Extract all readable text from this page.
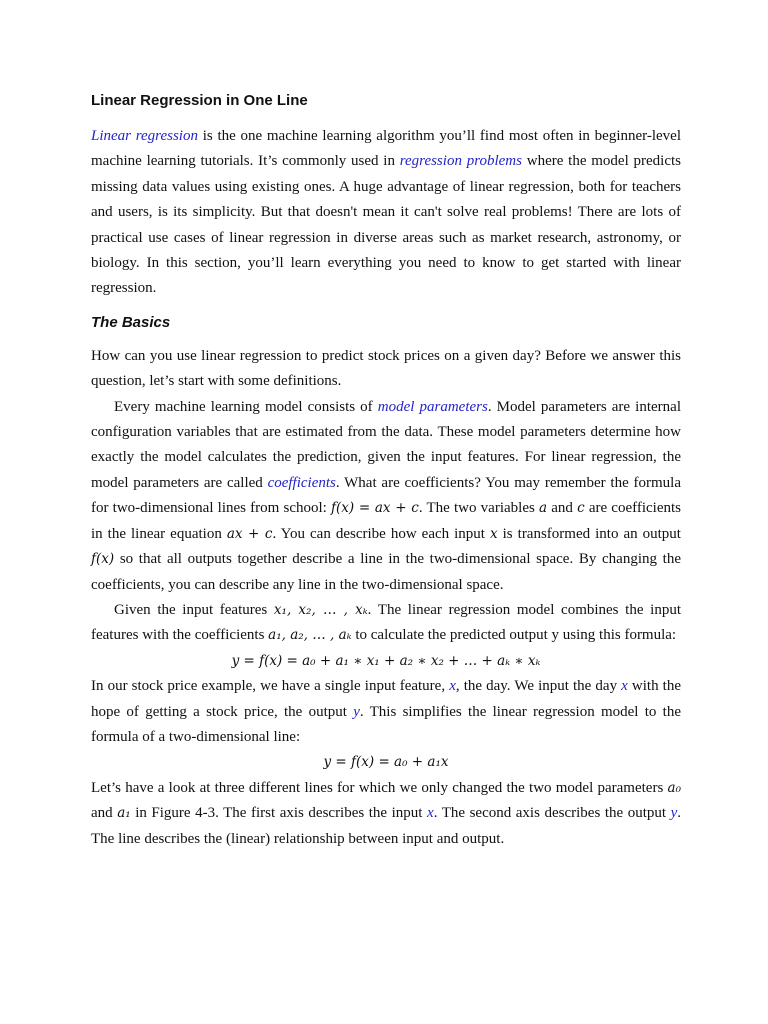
Linear Regression in One Line

Linear regression is the one machine learning algorithm you’ll find most often in beginner-level machine learning tutorials. It’s commonly used in regression problems where the model predicts missing data values using existing ones. A huge advantage of linear regression, both for teachers and users, is its simplicity. But that doesn't mean it can't solve real problems! There are lots of practical use cases of linear regression in diverse areas such as market research, astronomy, or biology. In this section, you’ll learn everything you need to know to get started with linear regression.

The Basics

How can you use linear regression to predict stock prices on a given day? Before we answer this question, let’s start with some definitions.

Every machine learning model consists of model parameters. Model parameters are internal configuration variables that are estimated from the data. These model parameters determine how exactly the model calculates the prediction, given the input features. For linear regression, the model parameters are called coefficients. What are coefficients? You may remember the formula for two-dimensional lines from school: f(x) = ax + c. The two variables a and c are coefficients in the linear equation ax + c. You can describe how each input x is transformed into an output f(x) so that all outputs together describe a line in the two-dimensional space. By changing the coefficients, you can describe any line in the two-dimensional space.

Given the input features x₁, x₂, … , xₖ. The linear regression model combines the input features with the coefficients a₁, a₂, … , aₖ to calculate the predicted output y using this formula:

y = f(x) = a₀ + a₁ ∗ x₁ + a₂ ∗ x₂ + … + aₖ ∗ xₖ

In our stock price example, we have a single input feature, x, the day. We input the day x with the hope of getting a stock price, the output y. This simplifies the linear regression model to the formula of a two-dimensional line:

y = f(x) = a₀ + a₁x

Let’s have a look at three different lines for which we only changed the two model parameters a₀ and a₁ in Figure 4-3. The first axis describes the input x. The second axis describes the output y. The line describes the (linear) relationship between input and output.
